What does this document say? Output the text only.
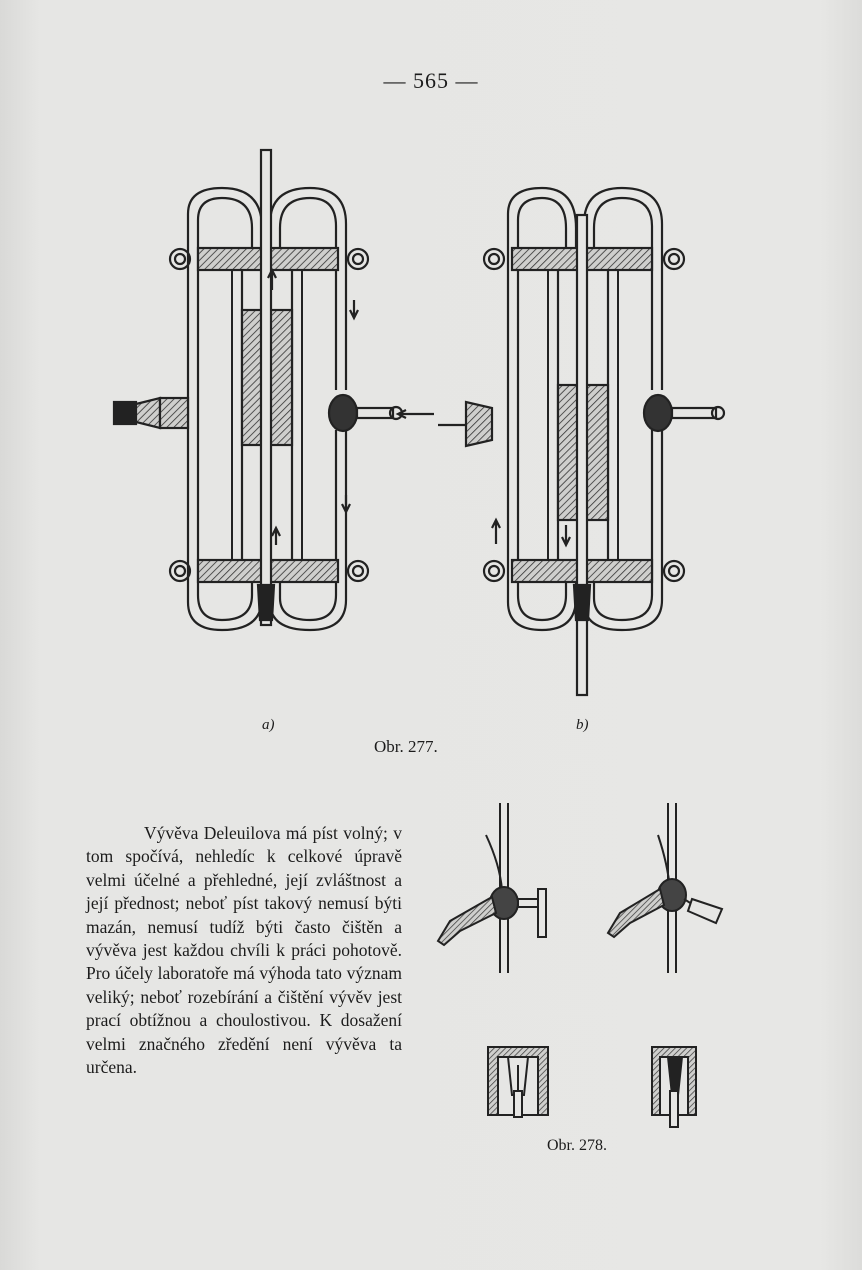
— 565 —
a)	b)
Obr. 277.

Vývěva Deleuilova má píst volný; v tom spočívá, nehledíc k celkové úpravě velmi účelné a přehledné, její zvláštnost a její přednost; neboť píst takový nemusí býti mazán, nemusí tudíž býti často čištěn a vývěva jest každou chvíli k práci pohotově. Pro účely laboratoře má výhoda tato význam veliký; neboť rozebírání a čištění vývěv jest prací obtížnou a choulostivou. K dosažení velmi značného zředění není vývěva ta určena.

Obr. 278.
